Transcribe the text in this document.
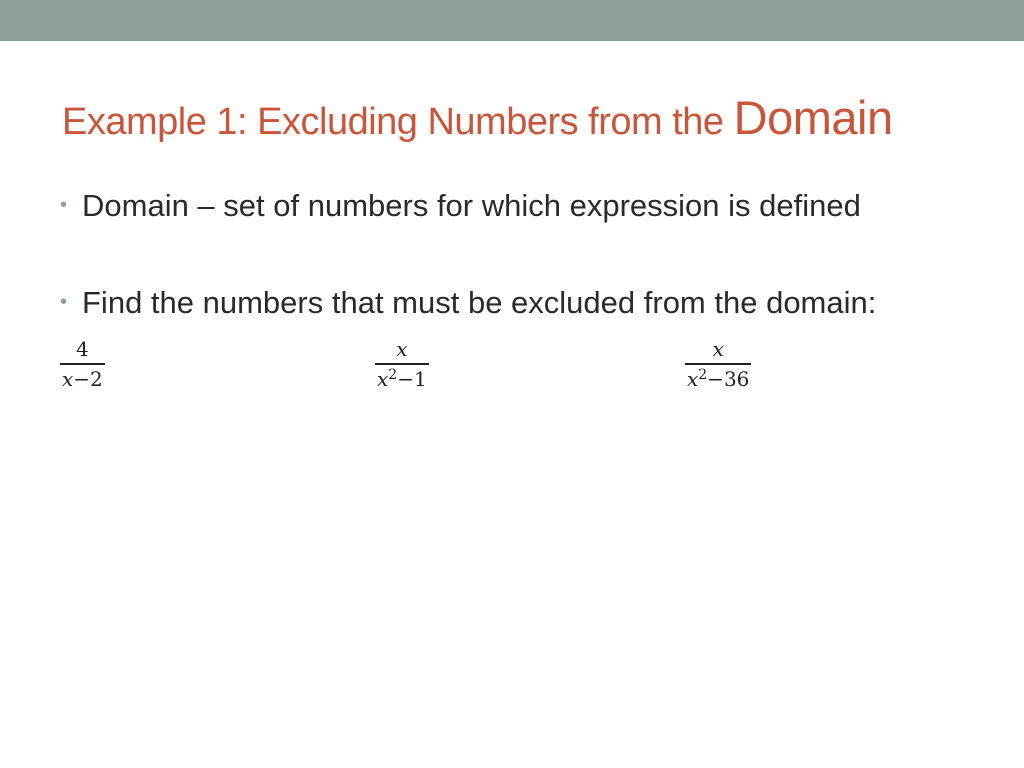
Example 1: Excluding Numbers from the Domain
• Domain – set of numbers for which expression is defined
• Find the numbers that must be excluded from the domain:
4
x−2
x
$x^2-1$
x
$x^2-36$
